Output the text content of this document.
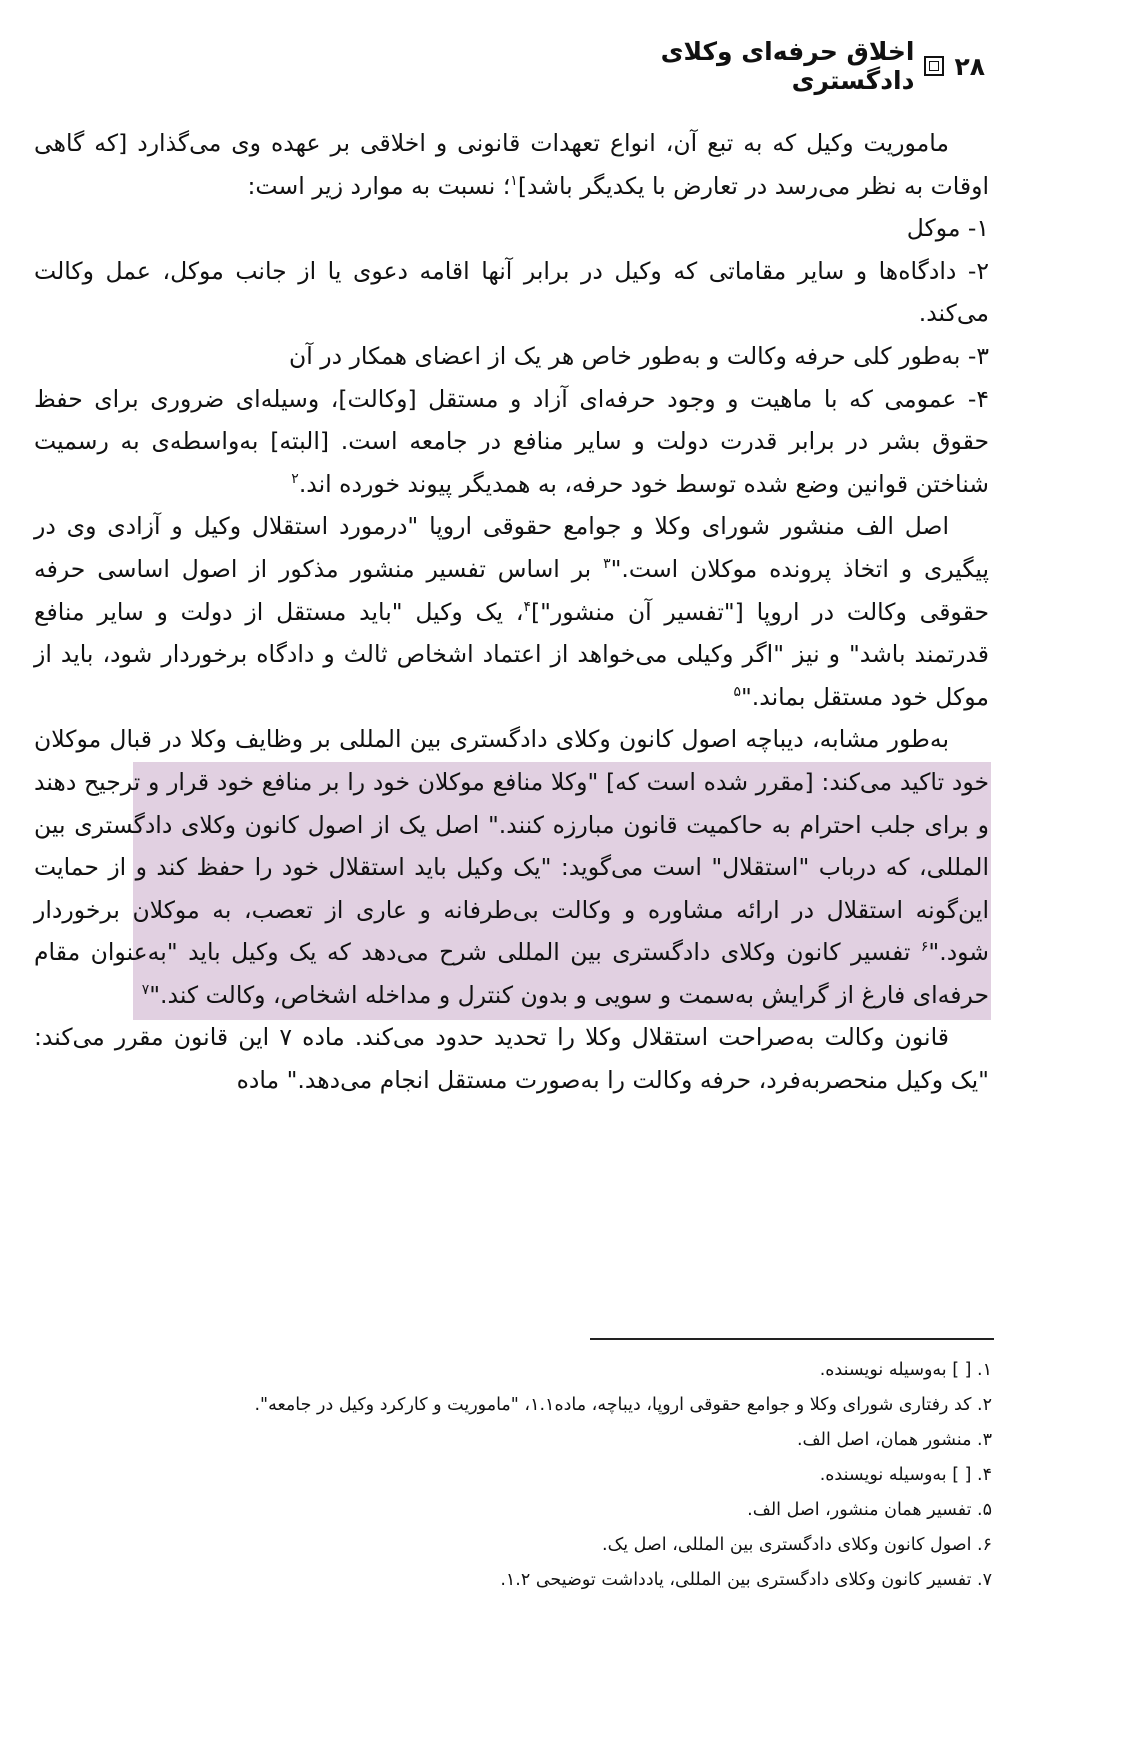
۲۸
اخلاق حرفه‌ای وکلای دادگستری

ماموریت وکیل که به تبع آن، انواع تعهدات قانونی و اخلاقی بر عهده وی می‌گذارد [که گاهی اوقات به نظر می‌رسد در تعارض با یکدیگر باشد]$^۱$؛ نسبت به موارد زیر است:

۱- موکل

۲- دادگاه‌ها و سایر مقاماتی که وکیل در برابر آنها اقامه دعوی یا از جانب موکل، عمل وکالت می‌کند.

۳- به‌طور کلی حرفه وکالت و به‌طور خاص هر یک از اعضای همکار در آن

۴- عمومی که با ماهیت و وجود حرفه‌ای آزاد و مستقل [وکالت]، وسیله‌ای ضروری برای حفظ حقوق بشر در برابر قدرت دولت و سایر منافع در جامعه است. [البته] به‌واسطه‌ی به رسمیت شناختن قوانین وضع شده توسط خود حرفه، به همدیگر پیوند خورده اند.$^۲$

اصل الف منشور شورای وکلا و جوامع حقوقی اروپا "درمورد استقلال وکیل و آزادی وی در پیگیری و اتخاذ پرونده موکلان است."$^۳$ بر اساس تفسیر منشور مذکور از اصول اساسی حرفه حقوقی وکالت در اروپا ["تفسیر آن منشور"]$^۴$، یک وکیل "باید مستقل از دولت و سایر منافع قدرتمند باشد" و نیز "اگر وکیلی می‌خواهد از اعتماد اشخاص ثالث و دادگاه برخوردار شود، باید از موکل خود مستقل بماند."$^۵$

به‌طور مشابه، دیباچه اصول کانون وکلای دادگستری بین المللی بر وظایف وکلا در قبال موکلان خود تاکید می‌کند: [مقرر شده است که] "وکلا منافع موکلان خود را بر منافع خود قرار و ترجیح دهند و برای جلب احترام به حاکمیت قانون مبارزه کنند." اصل یک از اصول کانون وکلای دادگستری بین المللی، که درباب "استقلال" است می‌گوید: "یک وکیل باید استقلال خود را حفظ کند و از حمایت این‌گونه استقلال در ارائه مشاوره و وکالت بی‌طرفانه و عاری از تعصب، به موکلان برخوردار شود."$^۶$ تفسیر کانون وکلای دادگستری بین المللی شرح می‌دهد که یک وکیل باید "به‌عنوان مقام حرفه‌ای فارغ از گرایش به‌سمت و سویی و بدون کنترل و مداخله اشخاص، وکالت کند."$^۷$

قانون وکالت به‌صراحت استقلال وکلا را تحدید حدود می‌کند. ماده ۷ این قانون مقرر می‌کند: "یک وکیل منحصربه‌فرد، حرفه وکالت را به‌صورت مستقل انجام می‌دهد." ماده

۱. [ ] به‌وسیله نویسنده.
۲. کد رفتاری شورای وکلا و جوامع حقوقی اروپا، دیباچه، ماده۱.۱، "ماموریت و کارکرد وکیل در جامعه".
۳. منشور همان، اصل الف.
۴. [ ] به‌وسیله نویسنده.
۵. تفسیر همان منشور، اصل الف.
۶. اصول کانون وکلای دادگستری بین المللی، اصل یک.
۷. تفسیر کانون وکلای دادگستری بین المللی، یادداشت توضیحی ۱.۲.
